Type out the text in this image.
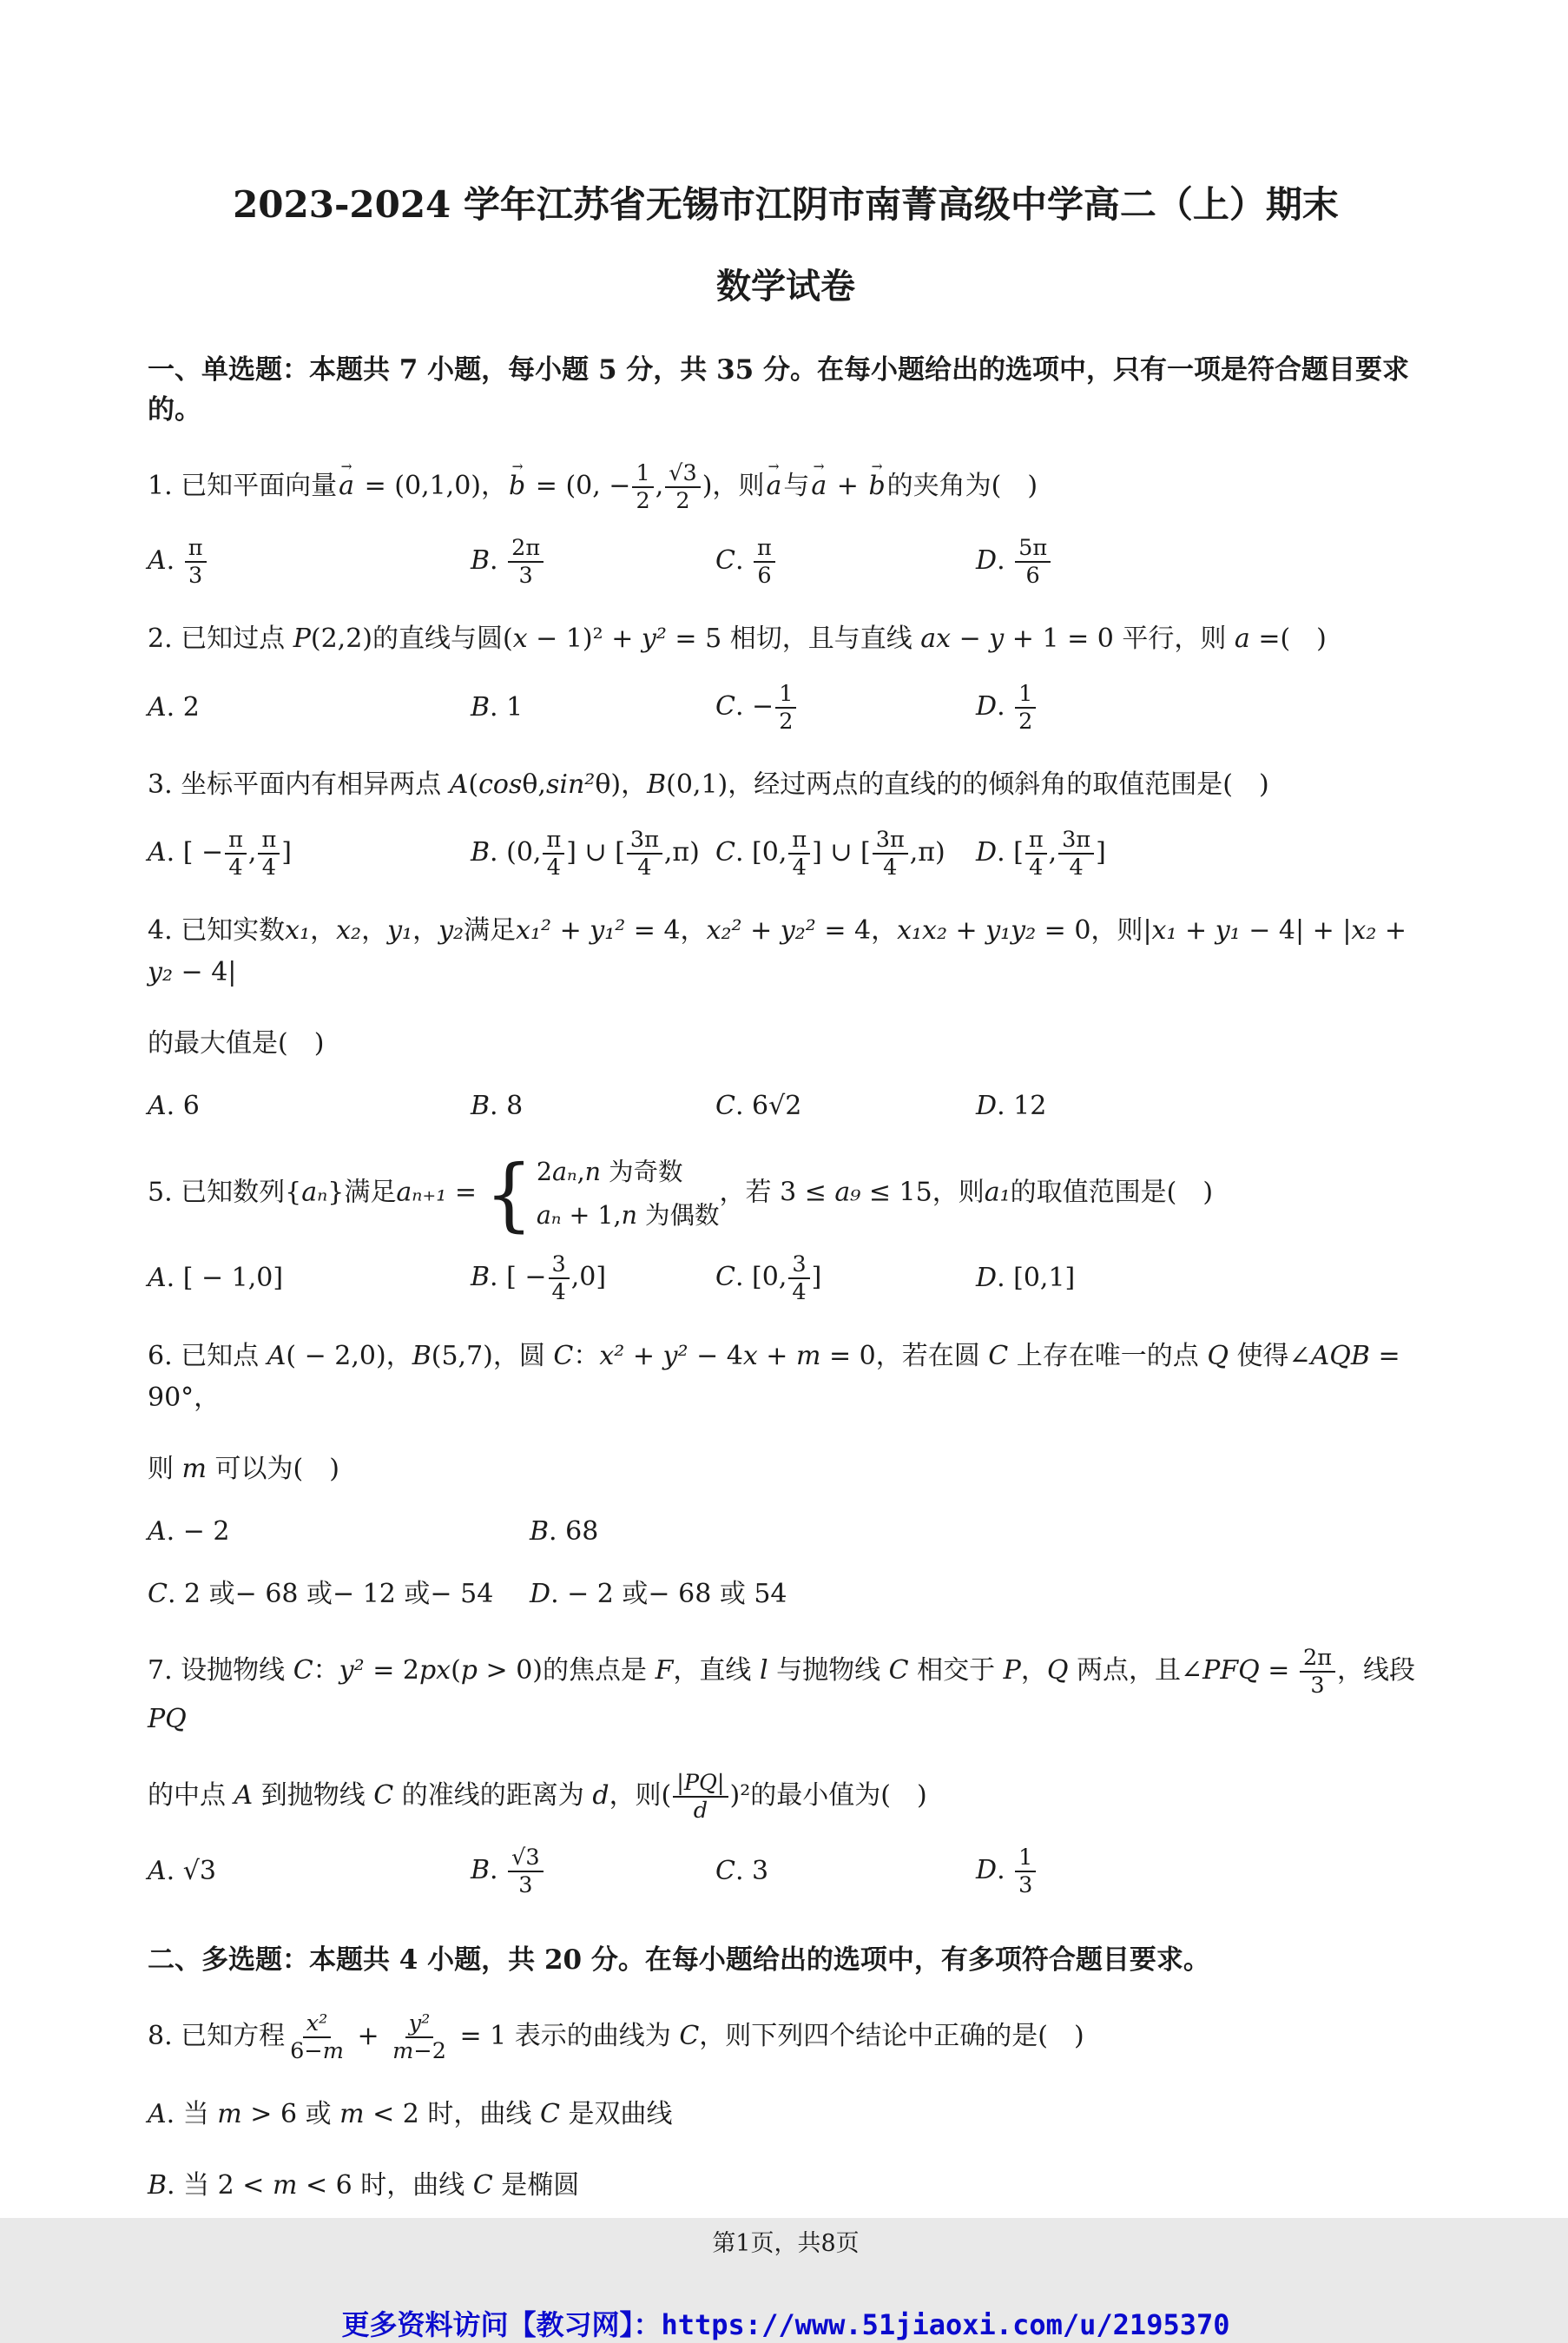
2023-2024 学年江苏省无锡市江阴市南菁高级中学高二（上）期末
数学试卷
一、单选题：本题共 7 小题，每小题 5 分，共 35 分。在每小题给出的选项中，只有一项是符合题目要求的。
1. 已知平面向量→ a = (0,1,0)，→ b = (0, − $\frac{1}{2}$ , $\frac{√3}{2}$ )，则→ a与→ a + → b的夹角为(　)
A. $\frac{\pi}{3}$	B. $\frac{2\pi}{3}$	C. $\frac{\pi}{6}$	D. $\frac{5\pi}{6}$
2. 已知过点 P(2,2)的直线与圆(x − 1)² + y² = 5 相切，且与直线 ax − y + 1 = 0 平行，则 a =(　)
A. 2	B. 1	C. − $\frac{1}{2}$	D. $\frac{1}{2}$
3. 坐标平面内有相异两点 A(cosθ,sin²θ)，B(0,1)，经过两点的直线的的倾斜角的取值范围是(　)
A. [ − $\frac{\pi}{4}$ , $\frac{\pi}{4}$ ]	B. (0, $\frac{\pi}{4}$ ] ∪ [ $\frac{3\pi}{4} ,\pi$) C. [0, $\frac{\pi}{4}$ ] ∪ [ $\frac{3\pi}{4} ,\pi$)	D. [ $\frac{\pi}{4}$ , $\frac{3\pi}{4}$ ]
4. 已知实数x₁，x₂，y₁，y₂满足x₁² + y₁² = 4，x₂² + y₂² = 4，x₁x₂ + y₁y₂ = 0，则|x₁ + y₁ − 4| + |x₂ + y₂ − 4|
的最大值是(　)
A. 6	B. 8	C. 6√2	D. 12
5. 已知数列{aₙ}满足aₙ₊₁ = { 2aₙ,n 为奇数
aₙ + 1,n 为偶数
，若 3 ≤ a₉ ≤ 15，则a₁的取值范围是(　)
A. [ − 1,0]	B. [ − $\frac{3}{4} ,0$]	C. [0, $\frac{3}{4}$ ]	D. [0,1]
6. 已知点 A( − 2,0)，B(5,7)，圆 C：x² + y² − 4x + m = 0，若在圆 C 上存在唯一的点 Q 使得∠AQB = 90°，
则 m 可以为(　)
A. − 2	B. 68
C. 2 或− 68 或− 12 或− 54	D. − 2 或− 68 或 54
7. 设抛物线 C：y² = 2px(p > 0)的焦点是 F，直线 l 与抛物线 C 相交于 P，Q 两点，且∠PFQ = $\frac{2\pi}{3}$ ，线段 PQ
的中点 A 到抛物线 C 的准线的距离为 d，则( $\frac{|PQ|}{d} )^2$的最小值为(　)
A. √3	B. $\frac{√3}{3}$	C. 3	D. $\frac{1}{3}$
二、多选题：本题共 4 小题，共 20 分。在每小题给出的选项中，有多项符合题目要求。
8. 已知方程 $\frac{\text{x²}}{6-m} + \frac{\text{y²}}{m-2} = 1$ 表示的曲线为 C，则下列四个结论中正确的是(　)
A. 当 m > 6 或 m < 2 时，曲线 C 是双曲线
B. 当 2 < m < 6 时，曲线 C 是椭圆
第1页，共8页
更多资料访问【教习网】：https://www.51jiaoxi.com/u/2195370
